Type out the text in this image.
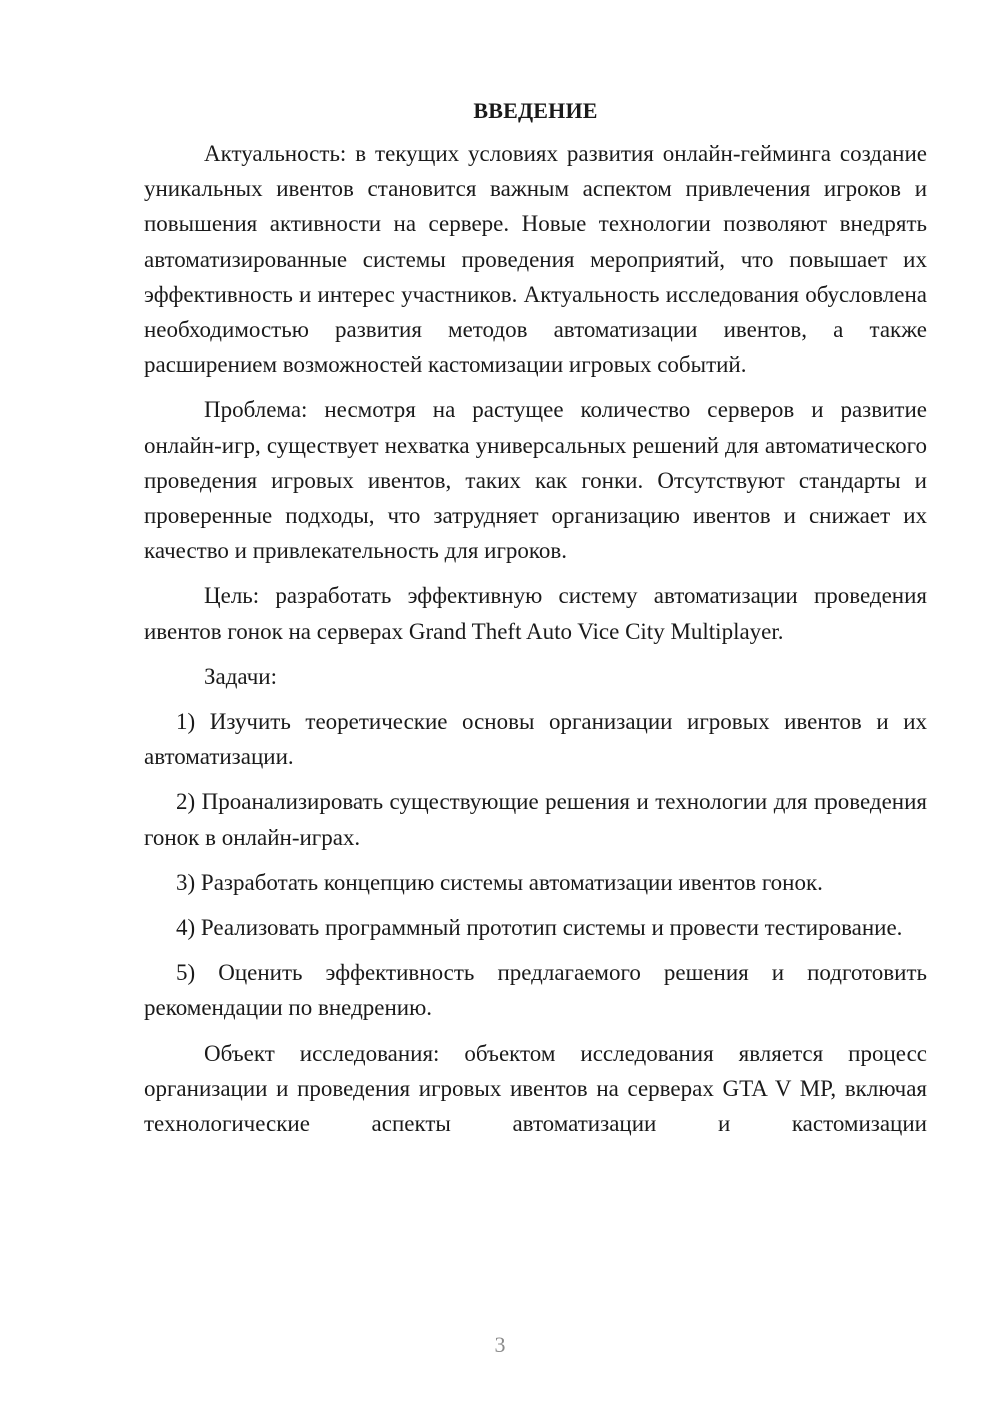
ВВЕДЕНИЕ

Актуальность: в текущих условиях развития онлайн-гейминга создание уникальных ивентов становится важным аспектом привлечения игроков и повышения активности на сервере. Новые технологии позволяют внедрять автоматизированные системы проведения мероприятий, что повышает их эффективность и интерес участников. Актуальность исследования обусловлена необходимостью развития методов автоматизации ивентов, а также расширением возможностей кастомизации игровых событий.

Проблема: несмотря на растущее количество серверов и развитие онлайн-игр, существует нехватка универсальных решений для автоматического проведения игровых ивентов, таких как гонки. Отсутствуют стандарты и проверенные подходы, что затрудняет организацию ивентов и снижает их качество и привлекательность для игроков.

Цель: разработать эффективную систему автоматизации проведения ивентов гонок на серверах Grand Theft Auto Vice City Multiplayer.

Задачи:

1) Изучить теоретические основы организации игровых ивентов и их автоматизации.

2) Проанализировать существующие решения и технологии для проведения гонок в онлайн-играх.

3) Разработать концепцию системы автоматизации ивентов гонок.

4) Реализовать программный прототип системы и провести тестирование.

5) Оценить эффективность предлагаемого решения и подготовить рекомендации по внедрению.

Объект исследования: объектом исследования является процесс организации и проведения игровых ивентов на серверах GTA V MP, включая технологические аспекты автоматизации и кастомизации

3
